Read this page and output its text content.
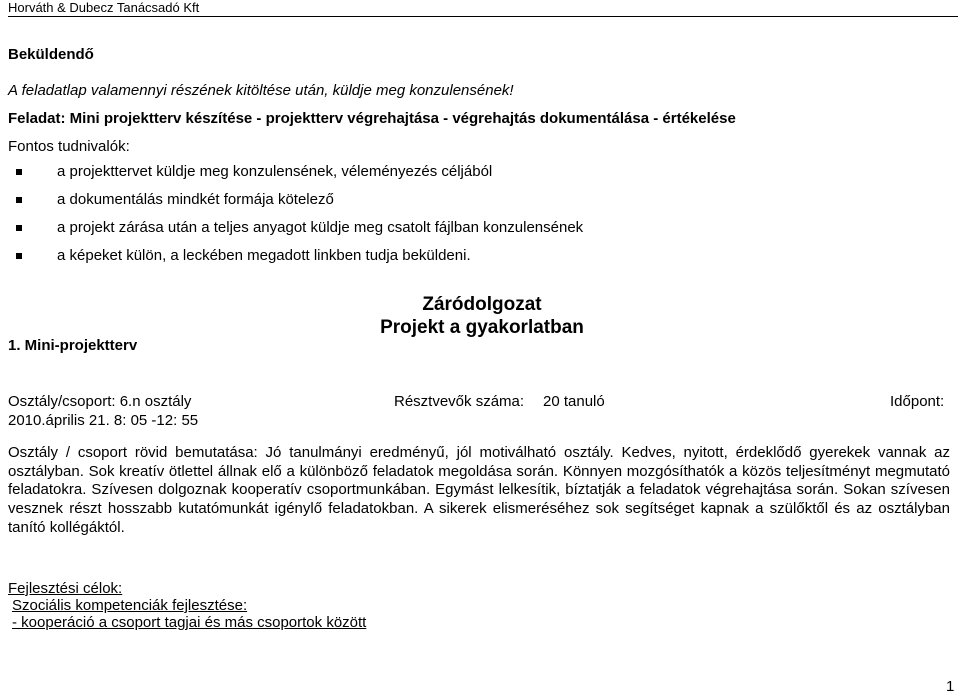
Horváth & Dubecz Tanácsadó Kft
Beküldendő
A feladatlap valamennyi részének kitöltése után, küldje meg konzulensének!
Feladat: Mini projektterv készítése - projektterv végrehajtása - végrehajtás dokumentálása - értékelése
Fontos tudnivalók:
a projekttervet küldje meg konzulensének, véleményezés céljából
a dokumentálás mindkét formája kötelező
a projekt zárása után a teljes anyagot küldje meg csatolt fájlban konzulensének
a képeket külön, a leckében megadott linkben tudja beküldeni.
Záródolgozat
Projekt a gyakorlatban
1. Mini-projektterv
Osztály/csoport: 6.n osztály	Résztvevők száma: 20 tanuló	Időpont:
2010.április 21. 8: 05 -12: 55
Osztály / csoport rövid bemutatása: Jó tanulmányi eredményű, jól motiválható osztály. Kedves, nyitott, érdeklődő gyerekek vannak az osztályban. Sok kreatív ötlettel állnak elő a különböző feladatok megoldása során. Könnyen mozgósíthatók a közös teljesítményt megmutató feladatokra. Szívesen dolgoznak kooperatív csoportmunkában. Egymást lelkesítik, bíztatják a feladatok végrehajtása során. Sokan szívesen vesznek részt hosszabb kutatómunkát igénylő feladatokban. A sikerek elismeréséhez sok segítséget kapnak a szülőktől és az osztályban tanító kollégáktól.
Fejlesztési célok:
Szociális kompetenciák fejlesztése:
- kooperáció a csoport tagjai és más csoportok között
1
